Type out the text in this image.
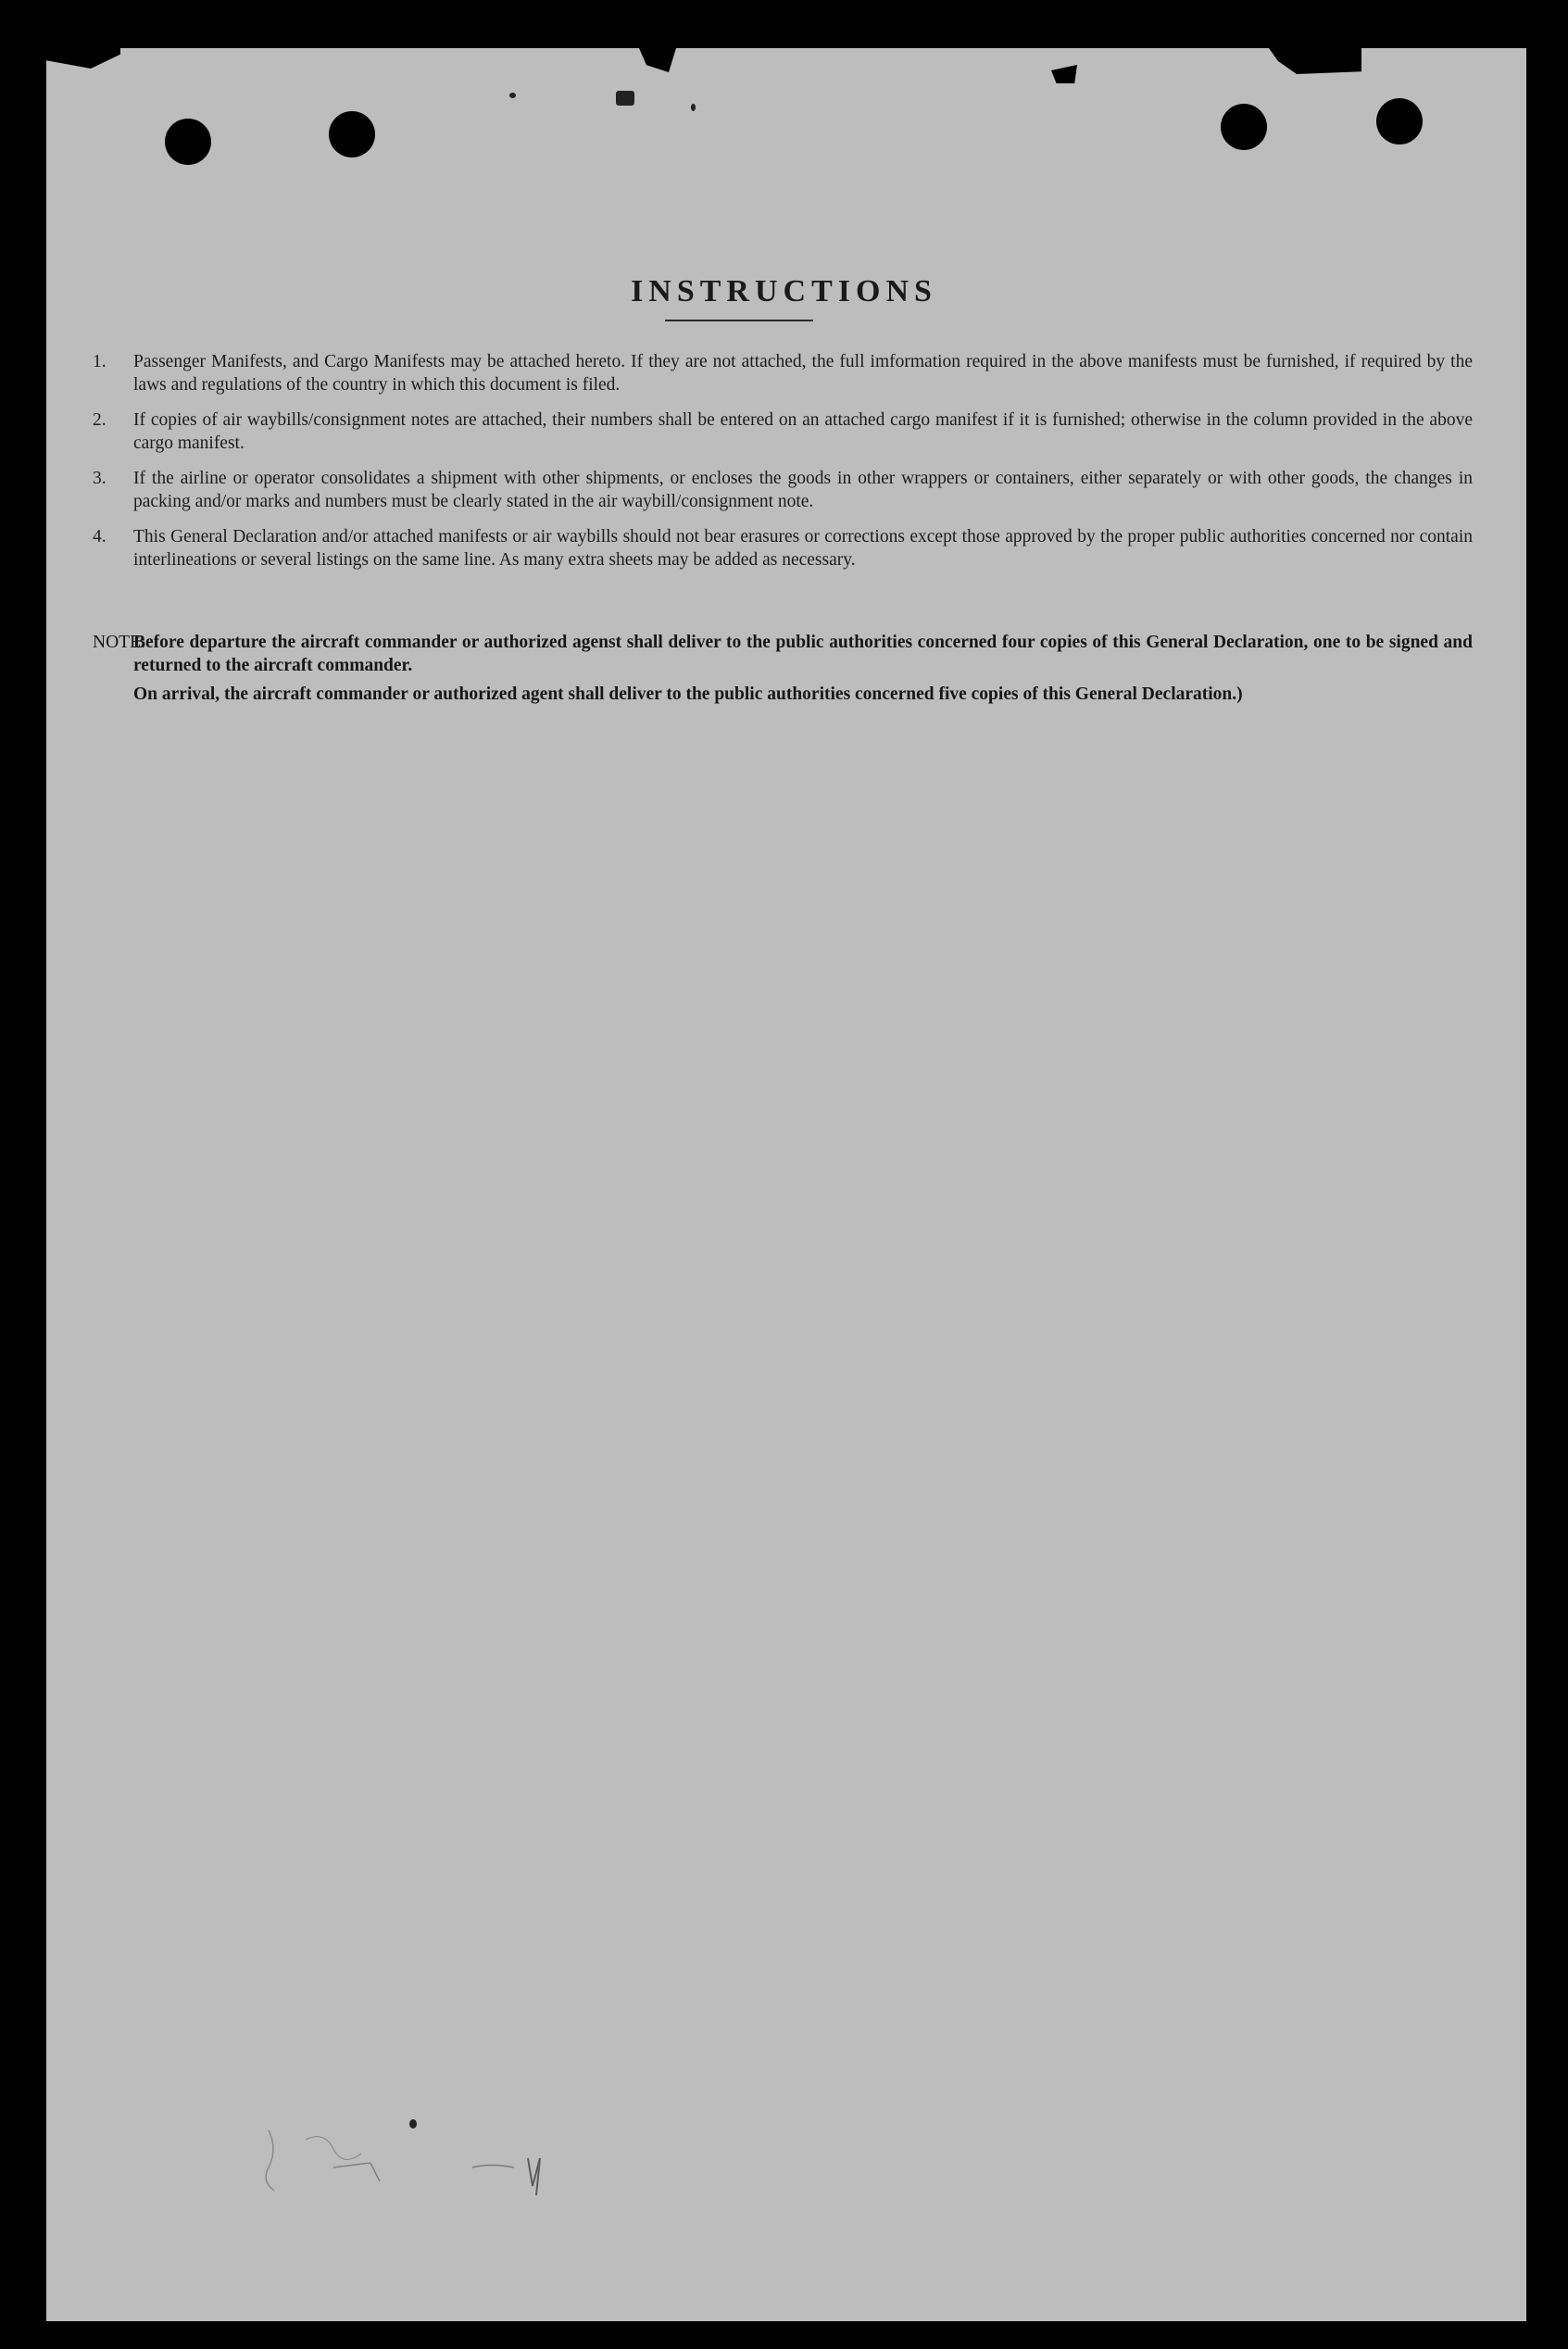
INSTRUCTIONS
1. Passenger Manifests, and Cargo Manifests may be attached hereto. If they are not attached, the full imformation required in the above manifests must be furnished, if required by the laws and regulations of the country in which this document is filed.
2. If copies of air waybills/consignment notes are attached, their numbers shall be entered on an attached cargo manifest if it is furnished; otherwise in the column provided in the above cargo manifest.
3. If the airline or operator consolidates a shipment with other shipments, or encloses the goods in other wrappers or containers, either separately or with other goods, the changes in packing and/or marks and numbers must be clearly stated in the air waybill/consignment note.
4. This General Declaration and/or attached manifests or air waybills should not bear erasures or corrections except those approved by the proper public authorities concerned nor contain interlineations or several listings on the same line. As many extra sheets may be added as necessary.
NOTE:
Before departure the aircraft commander or authorized agenst shall deliver to the public authorities concerned four copies of this General Declaration, one to be signed and returned to the aircraft commander.
On arrival, the aircraft commander or authorized agent shall deliver to the public authorities concerned five copies of this General Declaration.)
